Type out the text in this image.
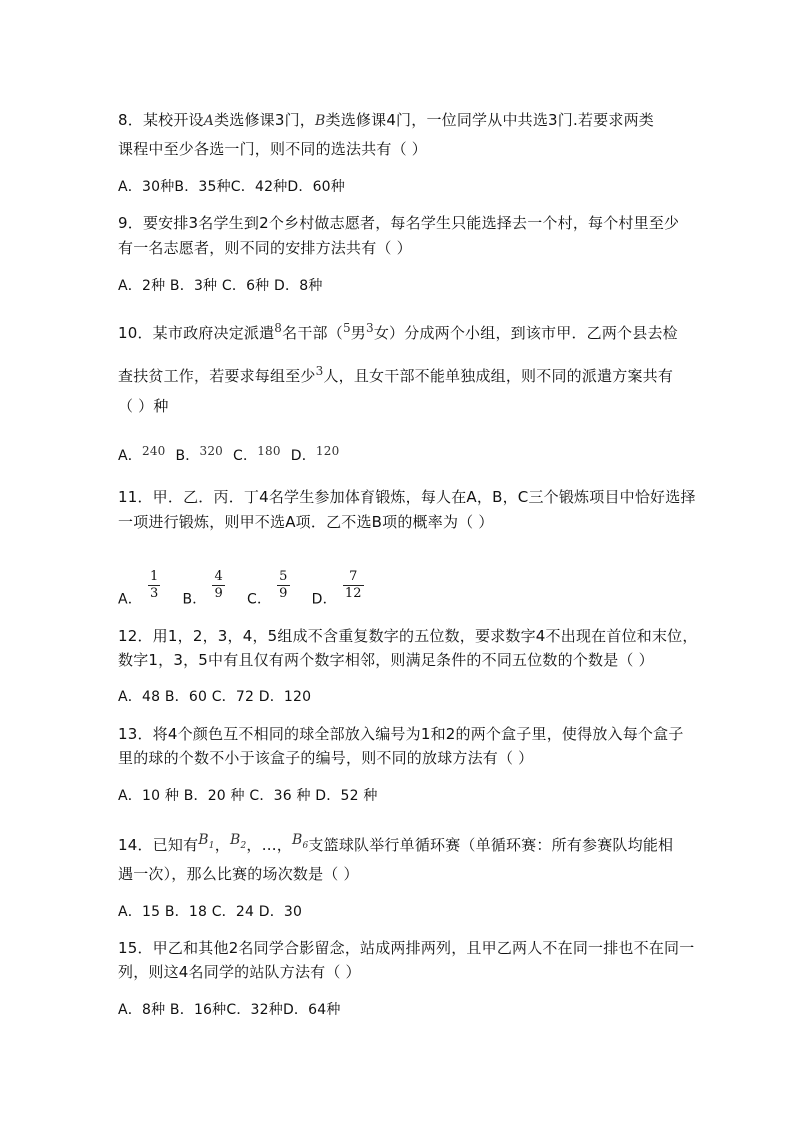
8．某校开设A类选修课3门，B类选修课4门，一位同学从中共选3门.若要求两类
课程中至少各选一门，则不同的选法共有（ ）
A．30种B．35种C．42种D．60种
9．要安排3名学生到2个乡村做志愿者，每名学生只能选择去一个村，每个村里至少
有一名志愿者，则不同的安排方法共有（ ）
A．2种 B．3种 C．6种 D．8种
10．某市政府决定派遣$^8$名干部（$^5$男$^3$女）分成两个小组，到该市甲．乙两个县去检
查扶贫工作，若要求每组至少$^3$人，且女干部不能单独成组，则不同的派遣方案共有
（ ）种
A．240 B．320 C．180 D．120
11．甲．乙．丙．丁4名学生参加体育锻炼，每人在A，B，C三个锻炼项目中恰好选择
一项进行锻炼，则甲不选A项．乙不选B项的概率为（ ）
A． $\frac{1}{3}$ B． $\frac{4}{9}$ C． $\frac{5}{9}$ D． $\frac{7}{12}$
12．用1，2，3，4，5组成不含重复数字的五位数，要求数字4不出现在首位和末位，
数字1，3，5中有且仅有两个数字相邻，则满足条件的不同五位数的个数是（ ）
A．48 B．60 C．72 D．120
13．将4个颜色互不相同的球全部放入编号为1和2的两个盒子里，使得放入每个盒子
里的球的个数不小于该盒子的编号，则不同的放球方法有（ ）
A．10 种 B．20 种 C．36 种 D．52 种
14．已知有$B_1$，$B_2$，…，$B_6$支篮球队举行单循环赛（单循环赛：所有参赛队均能相
遇一次），那么比赛的场次数是（ ）
A．15 B．18 C．24 D．30
15．甲乙和其他2名同学合影留念，站成两排两列，且甲乙两人不在同一排也不在同一
列，则这4名同学的站队方法有（ ）
A．8种 B．16种C．32种D．64种
